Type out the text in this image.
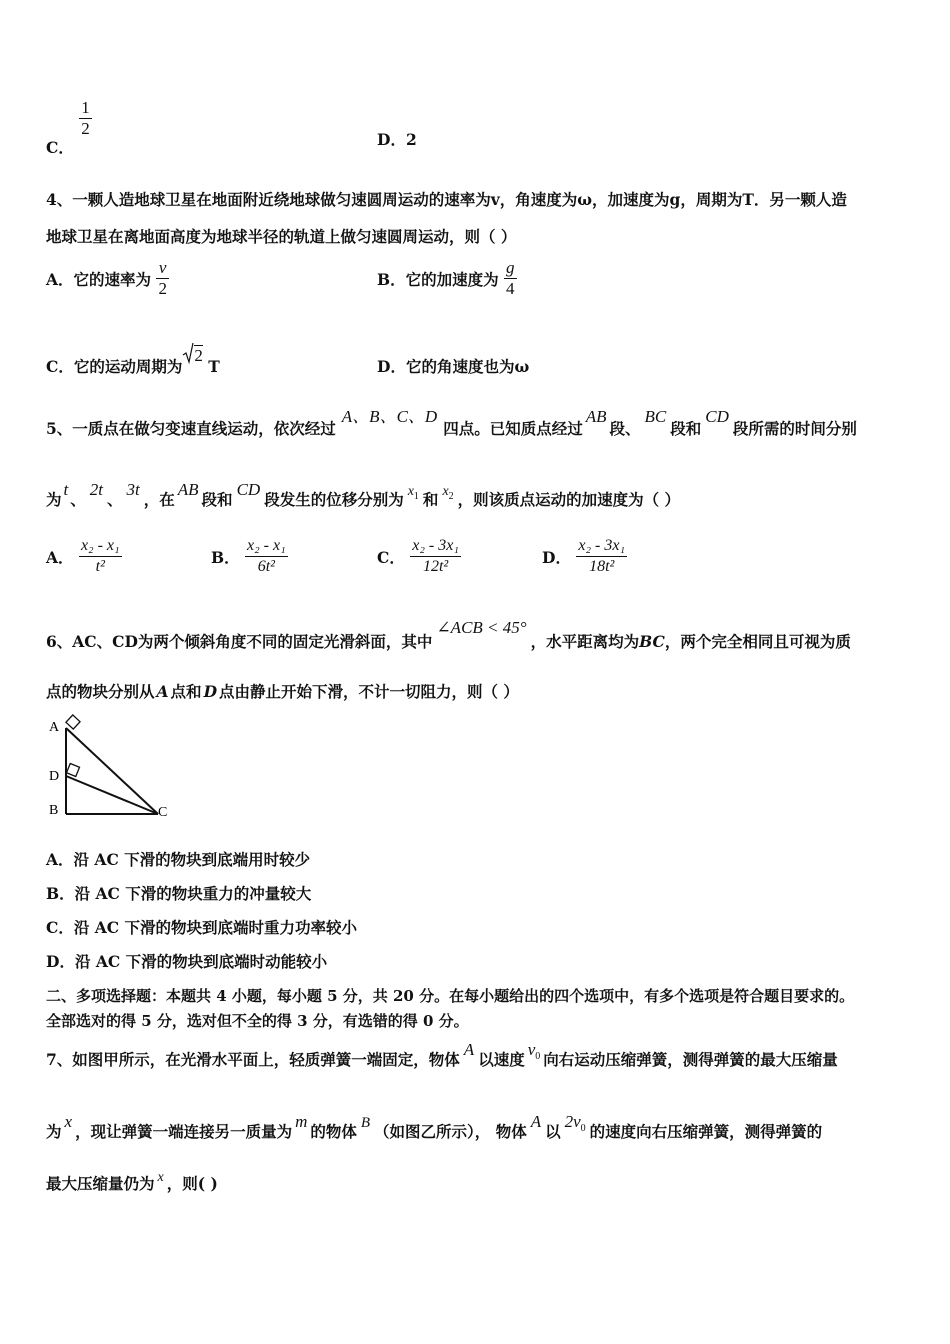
C．
$\frac{1}{2}$
D．2
4、一颗人造地球卫星在地面附近绕地球做匀速圆周运动的速率为v，角速度为ω，加速度为g，周期为T．另一颗人造
地球卫星在离地面高度为地球半径的轨道上做匀速圆周运动，则（ ）
A．它的速率为 $\frac{v}{2}$	B．它的加速度为 $\frac{g}{4}$
C．它的运动周期为2 T	D．它的角速度也为ω
5、一质点在做匀变速直线运动，依次经过A、B、C、D四点。已知质点经过AB段、BC段和CD段所需的时间分别
为t、2t、3t，在AB段和CD段发生的位移分别为 $x_1$ 和 $x_2$ ，则该质点运动的加速度为（ ）
A． $\frac{\text{x₂ - x₁}}{\text{t²}}$	B． $\frac{\text{x₂ - x₁}}{\text{6t²}}$	C． $\frac{\text{x₂ - 3x₁}}{\text{12t²}}$	D． $\frac{\text{x₂ - 3x₁}}{\text{18t²}}$
6、AC、CD为两个倾斜角度不同的固定光滑斜面，其中∠ACB < 45°，水平距离均为BC，两个完全相同且可视为质
点的物块分别从 A 点和 D 点由静止开始下滑，不计一切阻力，则（ ）
A
D
B	C
A．沿 AC 下滑的物块到底端用时较少
B．沿 AC 下滑的物块重力的冲量较大
C．沿 AC 下滑的物块到底端时重力功率较小
D．沿 AC 下滑的物块到底端时动能较小
二、多项选择题：本题共 4 小题，每小题 5 分，共 20 分。在每小题给出的四个选项中，有多个选项是符合题目要求的。
全部选对的得 5 分，选对但不全的得 3 分，有选错的得 0 分。
7、如图甲所示，在光滑水平面上，轻质弹簧一端固定，物体A以速度$v_0$ 向右运动压缩弹簧，测得弹簧的最大压缩量
为x，现让弹簧一端连接另一质量为m的物体 B （如图乙所示）， 物体A以$2v_0$ 的速度向右压缩弹簧，测得弹簧的
最大压缩量仍为 x ，则( )
